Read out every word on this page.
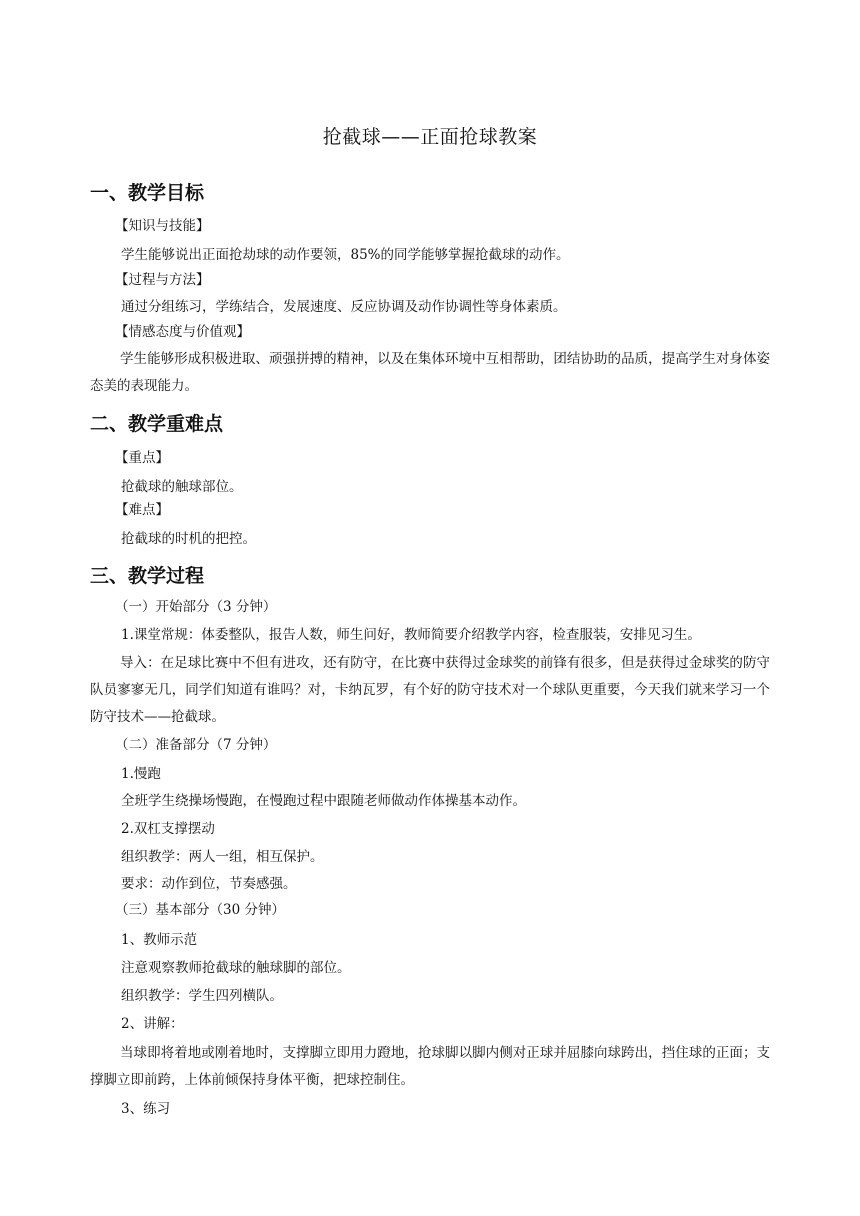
抢截球——正面抢球教案
一、教学目标
【知识与技能】
学生能够说出正面抢劫球的动作要领，85%的同学能够掌握抢截球的动作。
【过程与方法】
通过分组练习，学练结合，发展速度、反应协调及动作协调性等身体素质。
【情感态度与价值观】
学生能够形成积极进取、顽强拼搏的精神，以及在集体环境中互相帮助，团结协助的品质，提高学生对身体姿态美的表现能力。
二、教学重难点
【重点】
抢截球的触球部位。
【难点】
抢截球的时机的把控。
三、教学过程
（一）开始部分（3 分钟）
1.课堂常规：体委整队，报告人数，师生问好，教师简要介绍教学内容，检查服装，安排见习生。
导入：在足球比赛中不但有进攻，还有防守，在比赛中获得过金球奖的前锋有很多，但是获得过金球奖的防守队员寥寥无几，同学们知道有谁吗？对，卡纳瓦罗，有个好的防守技术对一个球队更重要，今天我们就来学习一个防守技术——抢截球。
（二）准备部分（7 分钟）
1.慢跑
全班学生绕操场慢跑，在慢跑过程中跟随老师做动作体操基本动作。
2.双杠支撑摆动
组织教学：两人一组，相互保护。
要求：动作到位，节奏感强。
（三）基本部分（30 分钟）
1、教师示范
注意观察教师抢截球的触球脚的部位。
组织教学：学生四列横队。
2、讲解：
当球即将着地或刚着地时，支撑脚立即用力蹬地，抢球脚以脚内侧对正球并屈膝向球跨出，挡住球的正面；支撑脚立即前跨，上体前倾保持身体平衡，把球控制住。
3、练习
